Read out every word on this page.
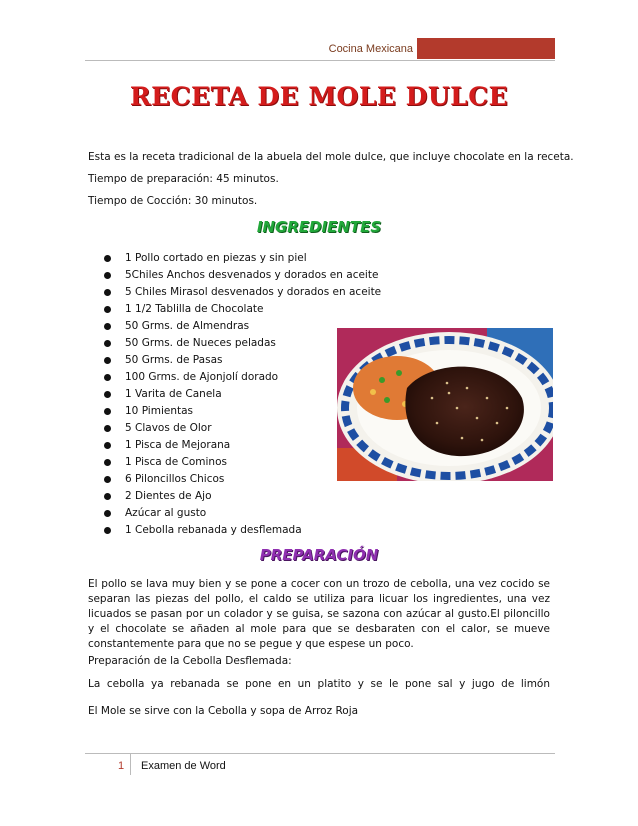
Cocina Mexicana
RECETA DE MOLE DULCE

Esta es la receta tradicional de la abuela del mole dulce, que incluye chocolate en la receta.

Tiempo de preparación: 45 minutos.

Tiempo de Cocción: 30 minutos.

INGREDIENTES
1 Pollo cortado en piezas y sin piel
5Chiles Anchos desvenados y dorados en aceite
5 Chiles Mirasol desvenados y dorados en aceite
1 1/2 Tablilla de Chocolate
50 Grms. de Almendras
50 Grms. de Nueces peladas
50 Grms. de Pasas
100 Grms. de Ajonjolí dorado
1 Varita de Canela
10 Pimientas
5 Clavos de Olor
1 Pisca de Mejorana
1 Pisca de Cominos
6 Piloncillos Chicos
2 Dientes de Ajo
Azúcar al gusto
1 Cebolla rebanada y desflemada
PREPARACIÓN

El pollo se lava muy bien y se pone a cocer con un trozo de cebolla, una vez cocido se separan las piezas del pollo, el caldo se utiliza para licuar los ingredientes, una vez licuados se pasan por un colador y se guisa, se sazona con azúcar al gusto.El piloncillo y el chocolate se añaden al mole para que se desbaraten con el calor, se mueve constantemente para que no se pegue y que espese un poco.

Preparación de la Cebolla Desflemada:

La cebolla ya rebanada se pone en un platito y se le pone sal y jugo de limón

El Mole se sirve con la Cebolla y sopa de Arroz Roja

1 Examen de Word
